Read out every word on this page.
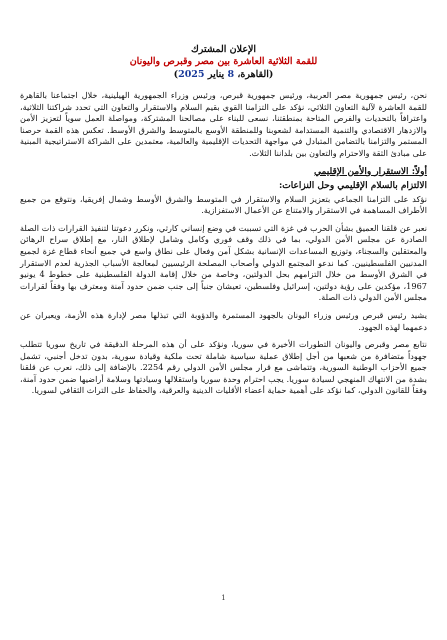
الإعلان المشترك
للقمة الثلاثية العاشرة بين مصر وقبرص واليونان
(القاهرة، 8 يناير 2025)

نحن، رئيس جمهورية مصر العربية، ورئيس جمهورية قبرص، ورئيس وزراء الجمهورية الهيلينية، خلال اجتماعنا بالقاهرة للقمة العاشرة لآلية التعاون الثلاثي، نؤكد على التزامنا القوي بقيم السلام والاستقرار والتعاون التي تحدد شراكتنا الثلاثية، واعترافاً بالتحديات والفرص المتاحة بمنطقتنا، نسعى للبناء على مصالحنا المشتركة، ومواصلة العمل سوياً لتعزيز الأمن والازدهار الاقتصادي والتنمية المستدامة لشعوبنا وللمنطقة الأوسع بالمتوسط والشرق الأوسط. تعكس هذه القمة حرصنا المستمر والتزامنا بالتضامن المتبادل في مواجهة التحديات الإقليمية والعالمية، معتمدين على الشراكة الاستراتيجية المبنية على مبادئ الثقة والاحترام والتعاون بين بلداننا الثلاث.

أولاً: الاستقرار والأمن الإقليمي
الالتزام بالسلام الإقليمي وحل النزاعات:

نؤكد على التزامنا الجماعي بتعزيز السلام والاستقرار في المتوسط والشرق الأوسط وشمال إفريقيا، ونتوقع من جميع الأطراف المساهمة في الاستقرار والامتناع عن الأعمال الاستفزازية.

نعبر عن قلقنا العميق بشأن الحرب في غزة التي تسببت في وضع إنساني كارثي، ونكرر دعوتنا لتنفيذ القرارات ذات الصلة الصادرة عن مجلس الأمن الدولي، بما في ذلك وقف فوري وكامل وشامل لإطلاق النار، مع إطلاق سراح الرهائن والمعتقلين والسجناء، وتوزيع المساعدات الإنسانية بشكل آمن وفعال على نطاق واسع في جميع أنحاء قطاع غزة لجميع المدنيين الفلسطينيين. كما ندعو المجتمع الدولي وأصحاب المصلحة الرئيسيين لمعالجة الأسباب الجذرية لعدم الاستقرار في الشرق الأوسط من خلال التزامهم بحل الدولتين، وخاصة من خلال إقامة الدولة الفلسطينية على خطوط 4 يونيو 1967، مؤكدين على رؤية دولتين، إسرائيل وفلسطين، تعيشان جنباً إلى جنب ضمن حدود آمنة ومعترف بها وفقاً لقرارات مجلس الأمن الدولي ذات الصلة.

يشيد رئيس قبرص ورئيس وزراء اليونان بالجهود المستمرة والدؤوبة التي تبذلها مصر لإدارة هذه الأزمة، ويعبران عن دعمهما لهذه الجهود.

نتابع مصر وقبرص واليونان التطورات الأخيرة في سوريا، ونؤكد على أن هذه المرحلة الدقيقة في تاريخ سوريا تتطلب جهوداً متضافرة من شعبها من أجل إطلاق عملية سياسية شاملة تحت ملكية وقيادة سورية، بدون تدخل أجنبي، تشمل جميع الأحزاب الوطنية السورية، وتتماشى مع قرار مجلس الأمن الدولي رقم 2254. بالإضافة إلى ذلك، نعرب عن قلقنا بشدة من الانتهاك المنهجي لسيادة سوريا. يجب احترام وحدة سوريا واستقلالها وسيادتها وسلامة أراضيها ضمن حدود آمنة، وفقاً للقانون الدولي، كما نؤكد على أهمية حماية أعضاء الأقليات الدينية والعرقية، والحفاظ على التراث الثقافي لسوريا.

1
